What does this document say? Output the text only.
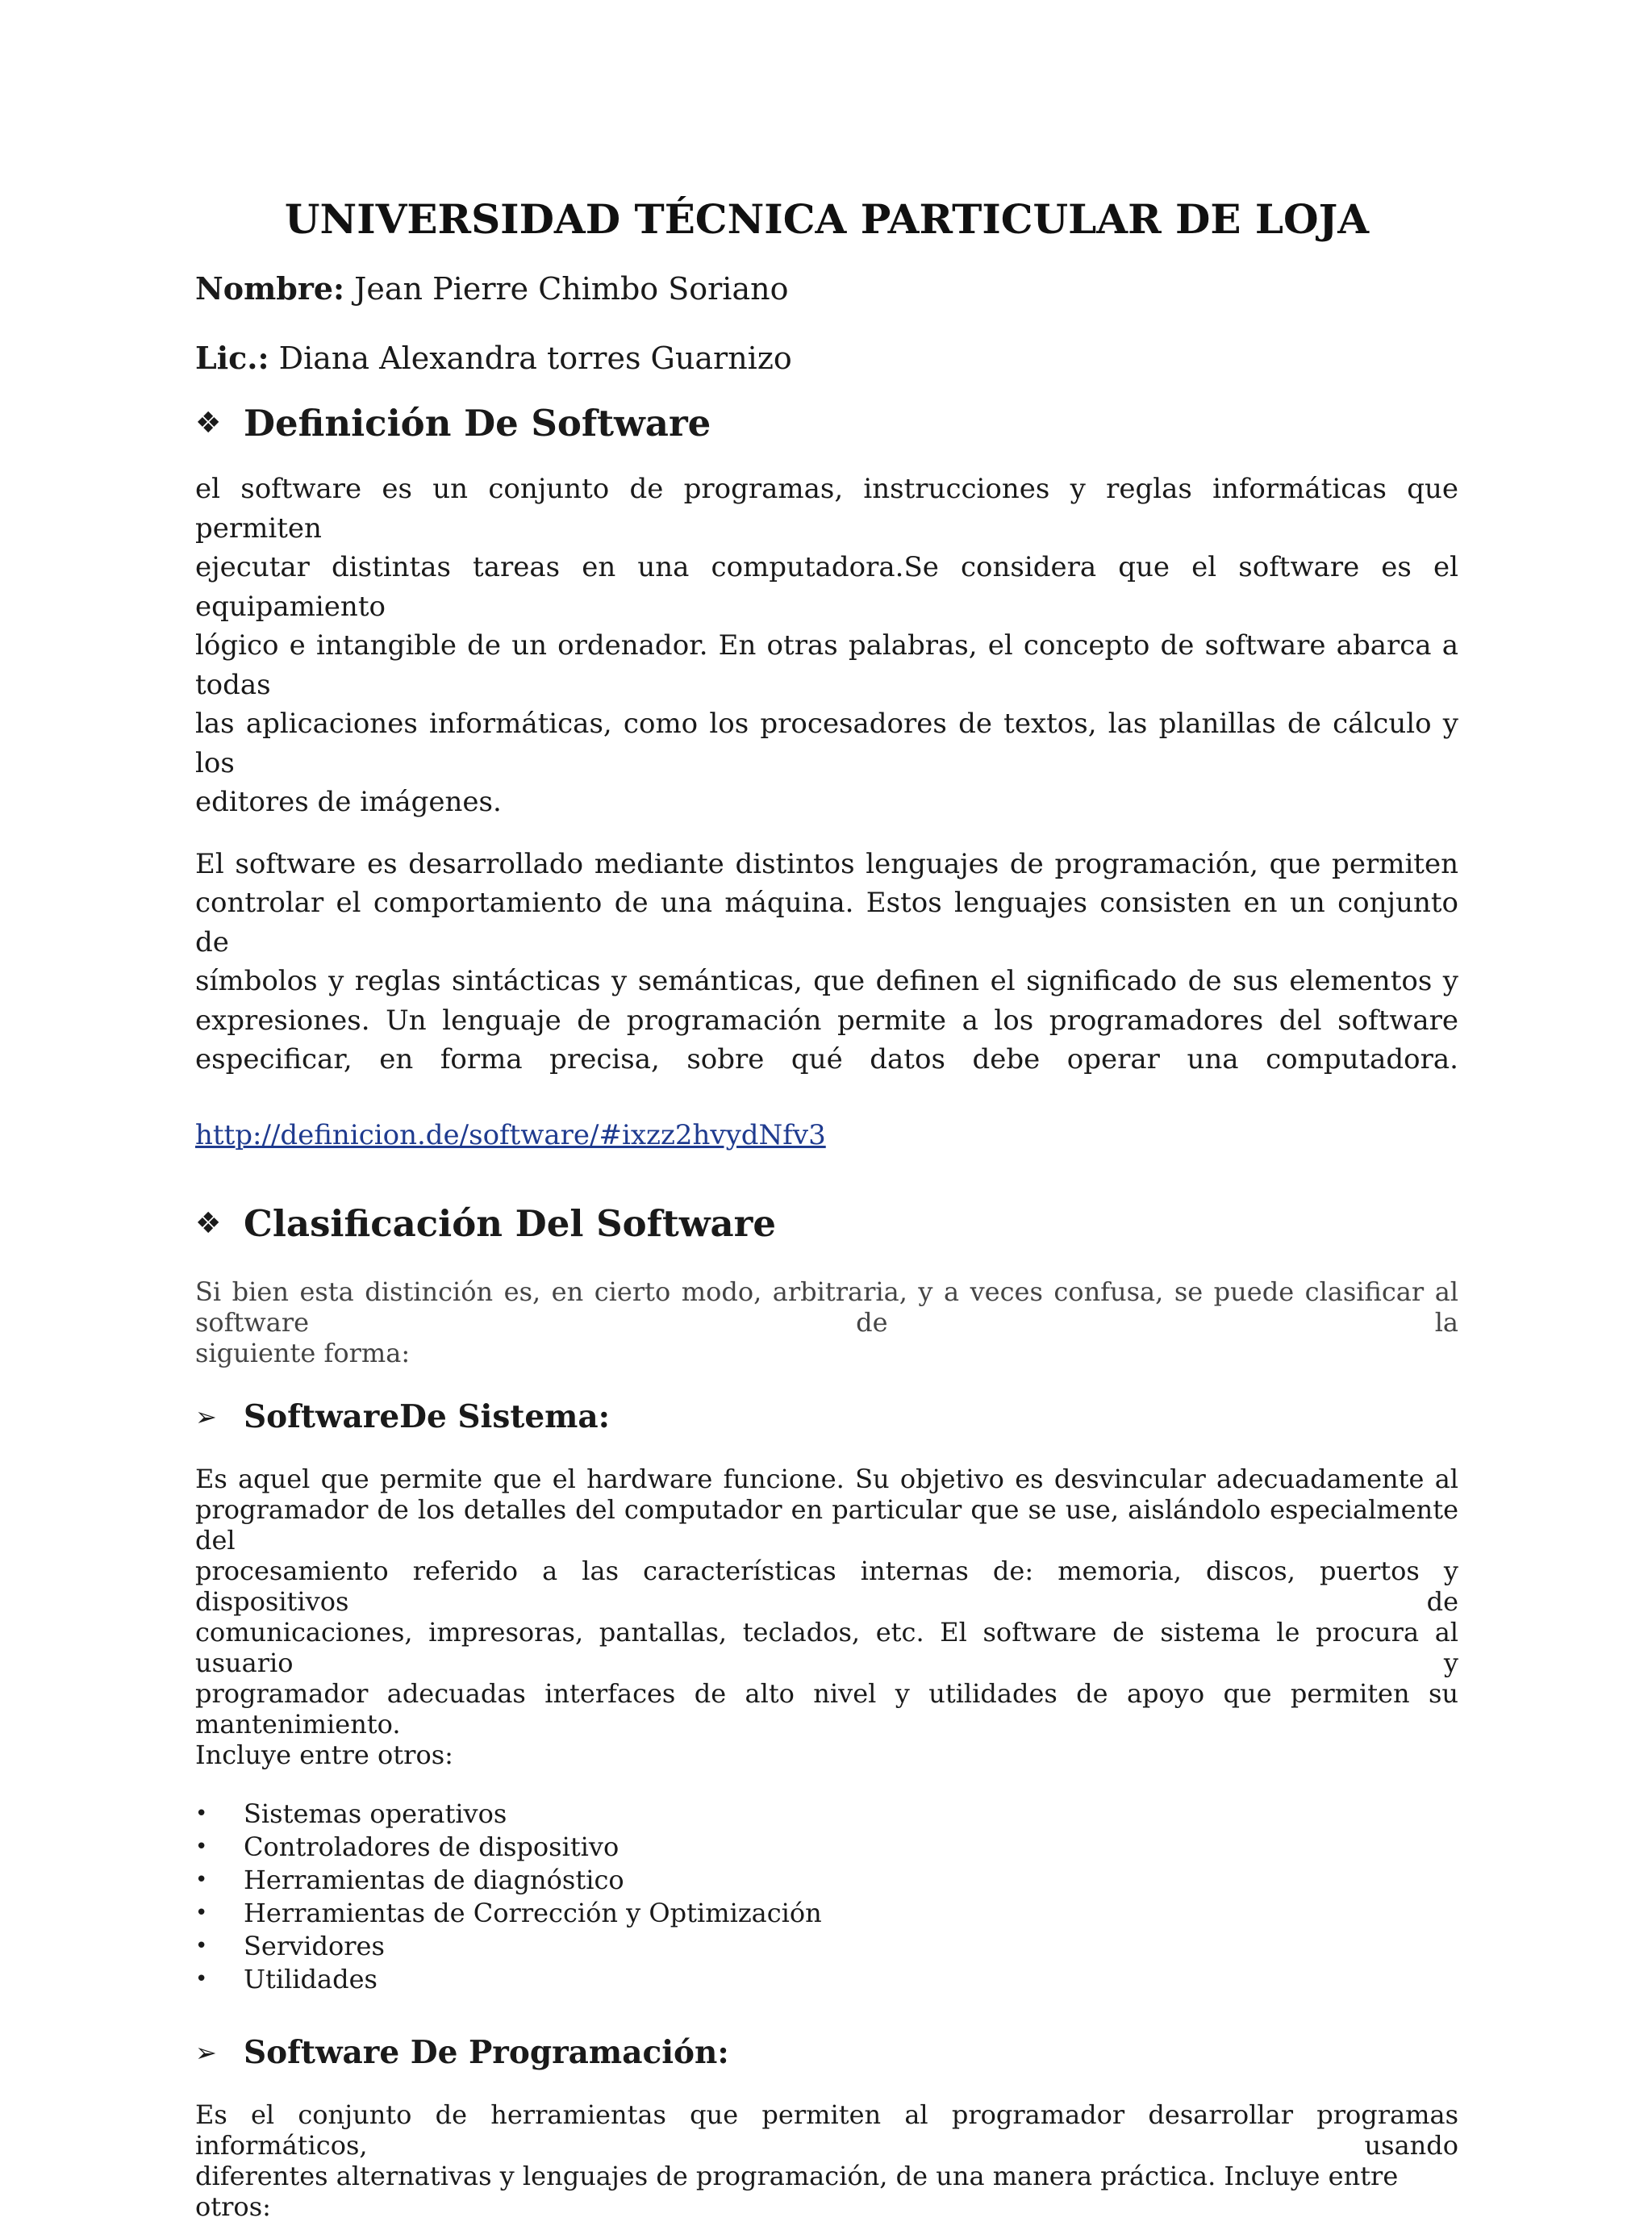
UNIVERSIDAD TÉCNICA PARTICULAR DE LOJA

Nombre: Jean Pierre Chimbo Soriano

Lic.: Diana Alexandra torres Guarnizo

❖ Definición De Software

el software es un conjunto de programas, instrucciones y reglas informáticas que permiten
ejecutar distintas tareas en una computadora.Se considera que el software es el equipamiento
lógico e intangible de un ordenador. En otras palabras, el concepto de software abarca a todas
las aplicaciones informáticas, como los procesadores de textos, las planillas de cálculo y los
editores de imágenes.

El software es desarrollado mediante distintos lenguajes de programación, que permiten
controlar el comportamiento de una máquina. Estos lenguajes consisten en un conjunto de
símbolos y reglas sintácticas y semánticas, que definen el significado de sus elementos y
expresiones. Un lenguaje de programación permite a los programadores del software
especificar, en forma precisa, sobre qué datos debe operar una computadora.

http://definicion.de/software/#ixzz2hvydNfv3
❖ Clasificación Del Software

Si bien esta distinción es, en cierto modo, arbitraria, y a veces confusa, se puede clasificar al software de la
siguiente forma:

➢ SoftwareDe Sistema:

Es aquel que permite que el hardware funcione. Su objetivo es desvincular adecuadamente al
programador de los detalles del computador en particular que se use, aislándolo especialmente del
procesamiento referido a las características internas de: memoria, discos, puertos y dispositivos de
comunicaciones, impresoras, pantallas, teclados, etc. El software de sistema le procura al usuario y
programador adecuadas interfaces de alto nivel y utilidades de apoyo que permiten su mantenimiento.
Incluye entre otros:

•	Sistemas operativos
•	Controladores de dispositivo
•	Herramientas de diagnóstico
•	Herramientas de Corrección y Optimización
•	Servidores
•	Utilidades
➢ Software De Programación:

Es el conjunto de herramientas que permiten al programador desarrollar programas informáticos, usando
diferentes alternativas y lenguajes de programación, de una manera práctica. Incluye entre otros:
